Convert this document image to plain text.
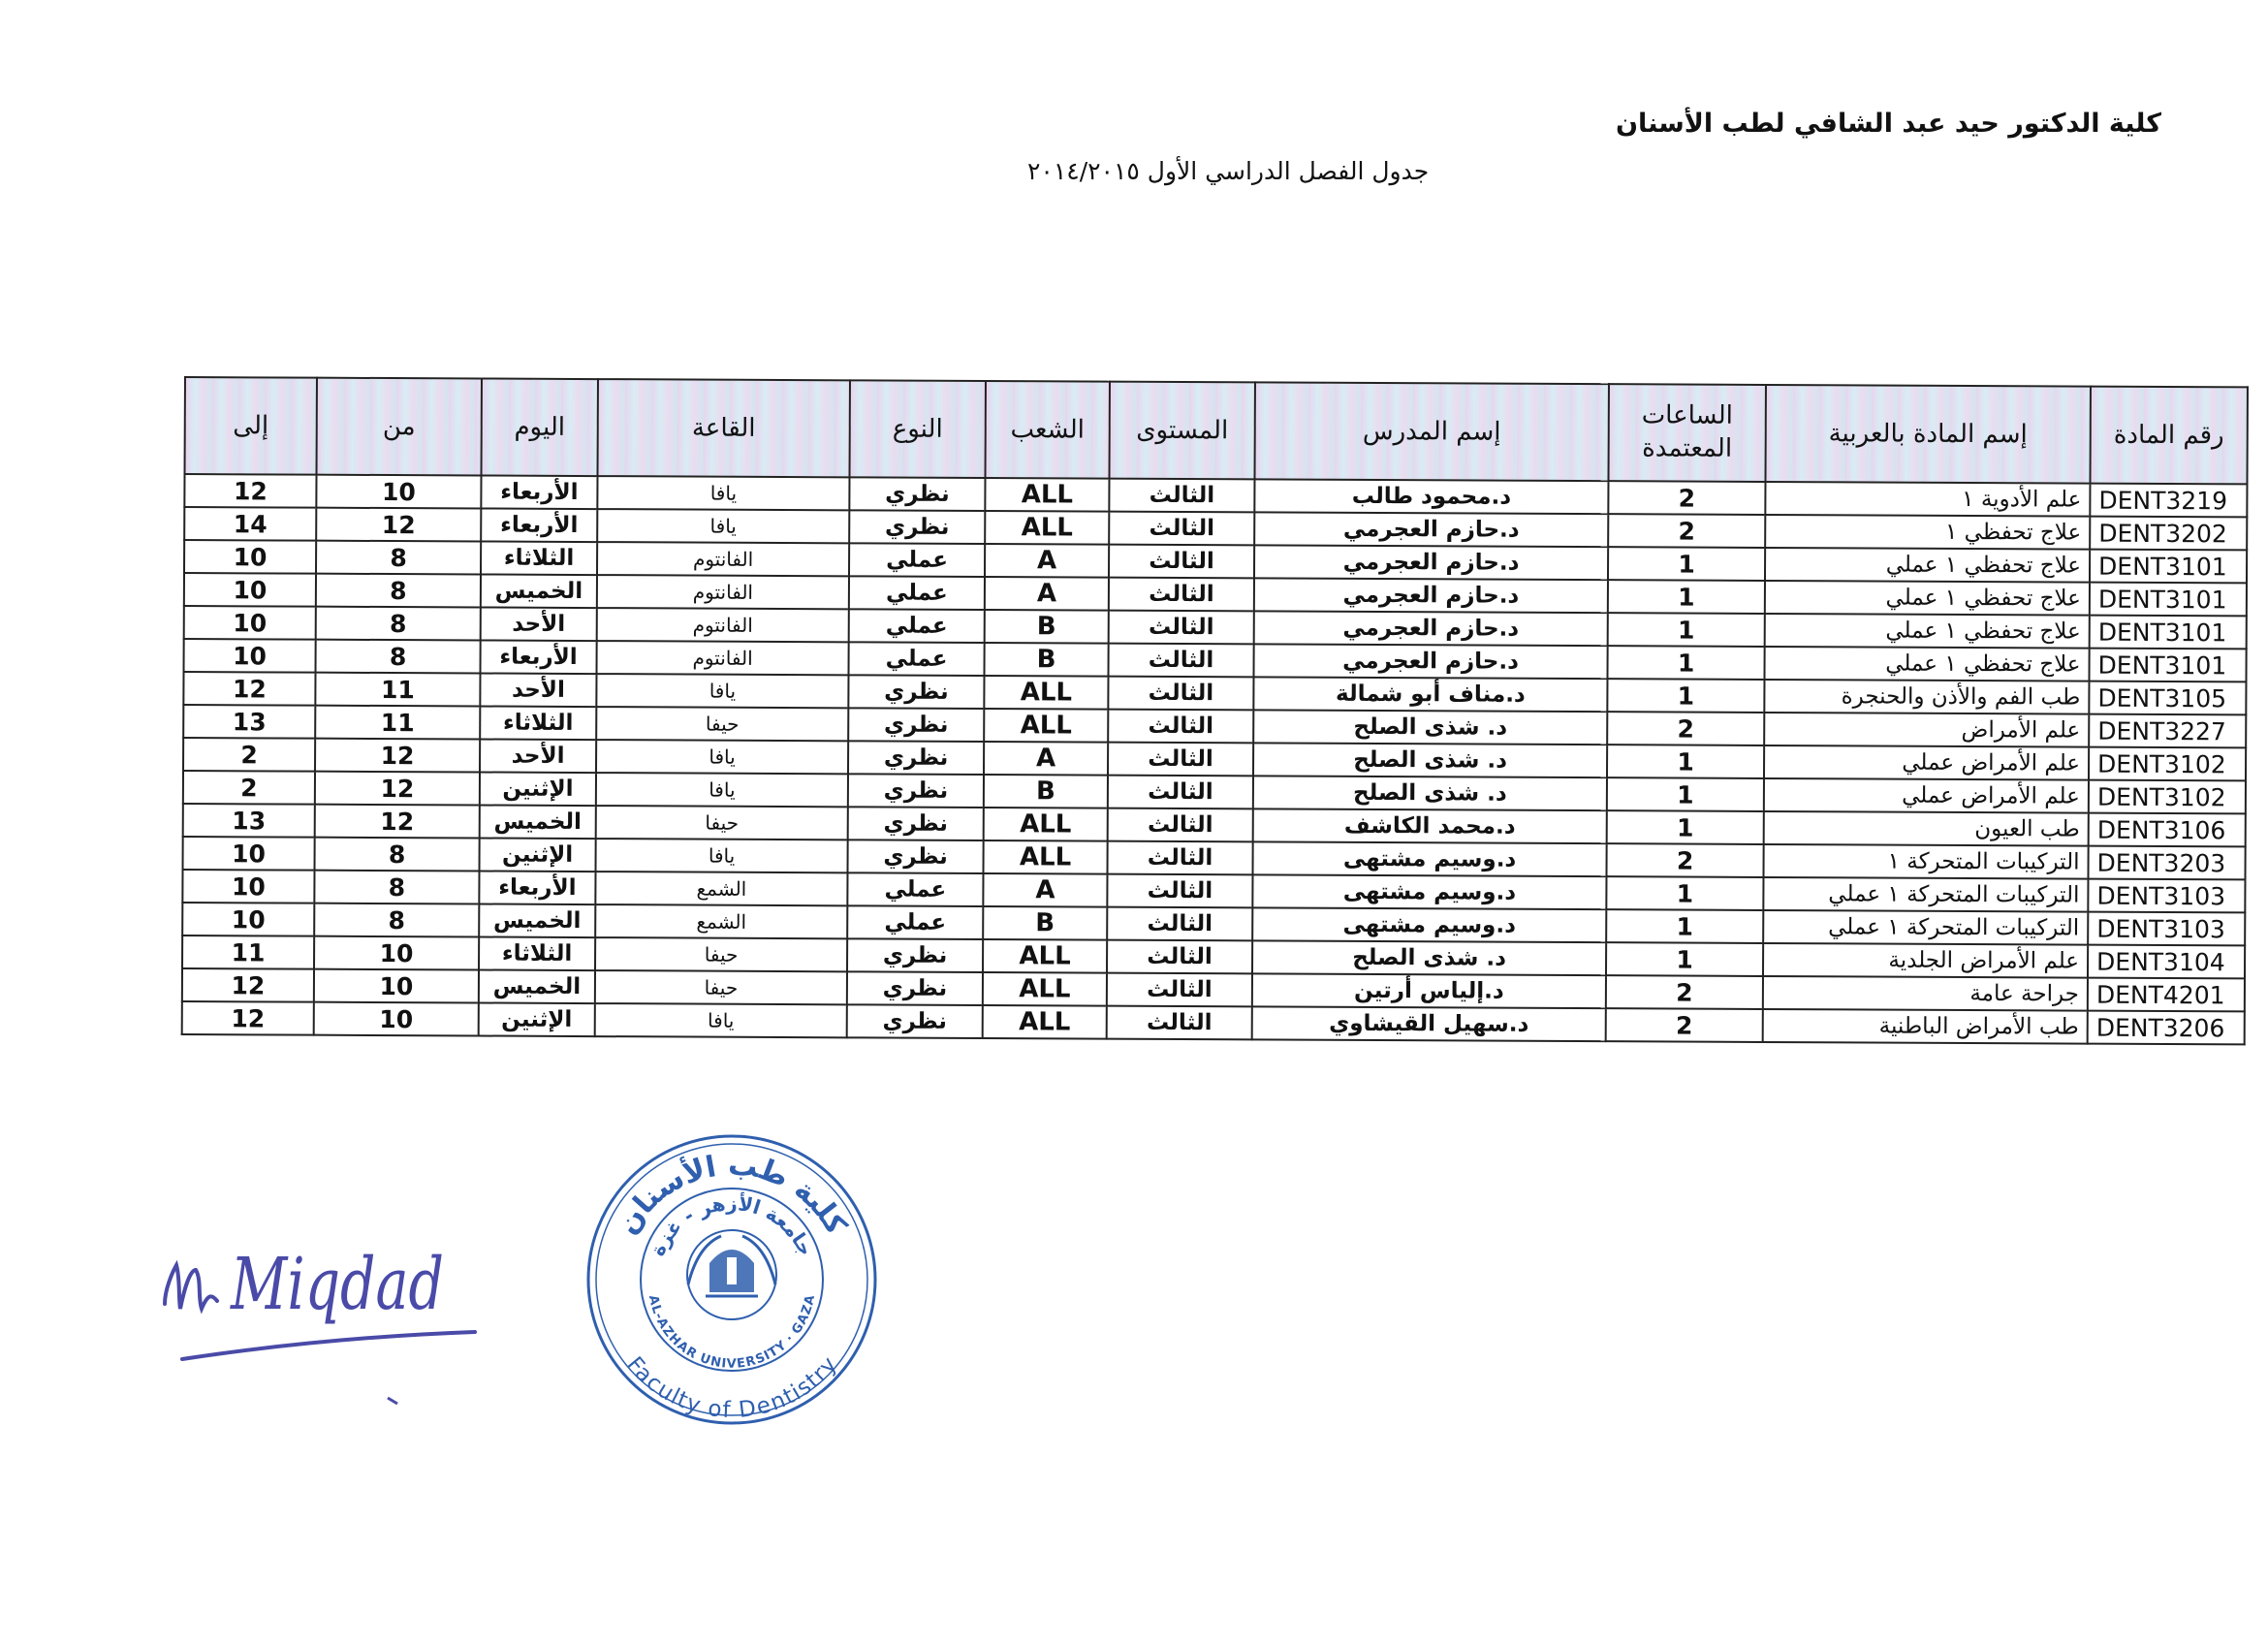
كلية الدكتور حيد عبد الشافي لطب الأسنان
جدول الفصل الدراسي الأول ٢٠١٤/٢٠١٥
رقم المادة	إسم المادة بالعربية	الساعات المعتمدة	إسم المدرس	المستوى	الشعب	النوع	القاعة	اليوم	من	إلى
DENT3219	علم الأدوية ١	2	د.محمود طالب	الثالث	ALL	نظري	يافا	الأربعاء	10	12
DENT3202	علاج تحفظي ١	2	د.حازم العجرمي	الثالث	ALL	نظري	يافا	الأربعاء	12	14
DENT3101	علاج تحفظي ١ عملي	1	د.حازم العجرمي	الثالث	A	عملي	الفانتوم	الثلاثاء	8	10
DENT3101	علاج تحفظي ١ عملي	1	د.حازم العجرمي	الثالث	A	عملي	الفانتوم	الخميس	8	10
DENT3101	علاج تحفظي ١ عملي	1	د.حازم العجرمي	الثالث	B	عملي	الفانتوم	الأحد	8	10
DENT3101	علاج تحفظي ١ عملي	1	د.حازم العجرمي	الثالث	B	عملي	الفانتوم	الأربعاء	8	10
DENT3105	طب الفم والأذن والحنجرة	1	د.مناف أبو شمالة	الثالث	ALL	نظري	يافا	الأحد	11	12
DENT3227	علم الأمراض	2	د. شذى الصلح	الثالث	ALL	نظري	حيفا	الثلاثاء	11	13
DENT3102	علم الأمراض عملي	1	د. شذى الصلح	الثالث	A	نظري	يافا	الأحد	12	2
DENT3102	علم الأمراض عملي	1	د. شذى الصلح	الثالث	B	نظري	يافا	الإثنين	12	2
DENT3106	طب العيون	1	د.محمد الكاشف	الثالث	ALL	نظري	حيفا	الخميس	12	13
DENT3203	التركيبات المتحركة ١	2	د.وسيم مشتهى	الثالث	ALL	نظري	يافا	الإثنين	8	10
DENT3103	التركيبات المتحركة ١ عملي	1	د.وسيم مشتهى	الثالث	A	عملي	الشمع	الأربعاء	8	10
DENT3103	التركيبات المتحركة ١ عملي	1	د.وسيم مشتهى	الثالث	B	عملي	الشمع	الخميس	8	10
DENT3104	علم الأمراض الجلدية	1	د. شذى الصلح	الثالث	ALL	نظري	حيفا	الثلاثاء	10	11
DENT4201	جراحة عامة	2	د.إلياس أرتين	الثالث	ALL	نظري	حيفا	الخميس	10	12
DENT3206	طب الأمراض الباطنية	2	د.سهيل القيشاوي	الثالث	ALL	نظري	يافا	الإثنين	10	12
Miqdad
كلية طب الأسنان
جامعة الأزهر - غزة
AL-AZHAR UNIVERSITY · GAZA
Faculty of Dentistry
